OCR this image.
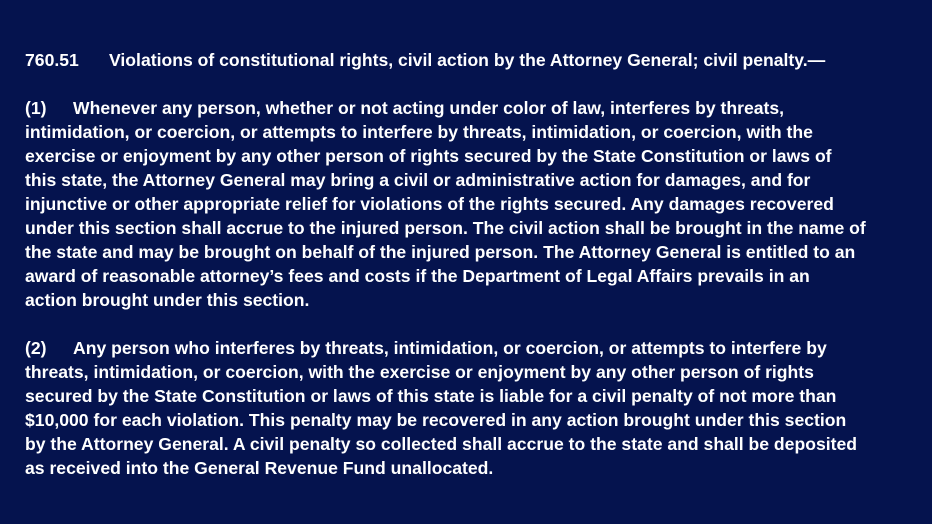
760.51 Violations of constitutional rights, civil action by the Attorney General; civil penalty.—
(1) Whenever any person, whether or not acting under color of law, interferes by threats,
intimidation, or coercion, or attempts to interfere by threats, intimidation, or coercion, with the
exercise or enjoyment by any other person of rights secured by the State Constitution or laws of
this state, the Attorney General may bring a civil or administrative action for damages, and for
injunctive or other appropriate relief for violations of the rights secured. Any damages recovered
under this section shall accrue to the injured person. The civil action shall be brought in the name of
the state and may be brought on behalf of the injured person. The Attorney General is entitled to an
award of reasonable attorney’s fees and costs if the Department of Legal Affairs prevails in an
action brought under this section.
(2) Any person who interferes by threats, intimidation, or coercion, or attempts to interfere by
threats, intimidation, or coercion, with the exercise or enjoyment by any other person of rights
secured by the State Constitution or laws of this state is liable for a civil penalty of not more than
$10,000 for each violation. This penalty may be recovered in any action brought under this section
by the Attorney General. A civil penalty so collected shall accrue to the state and shall be deposited
as received into the General Revenue Fund unallocated.
